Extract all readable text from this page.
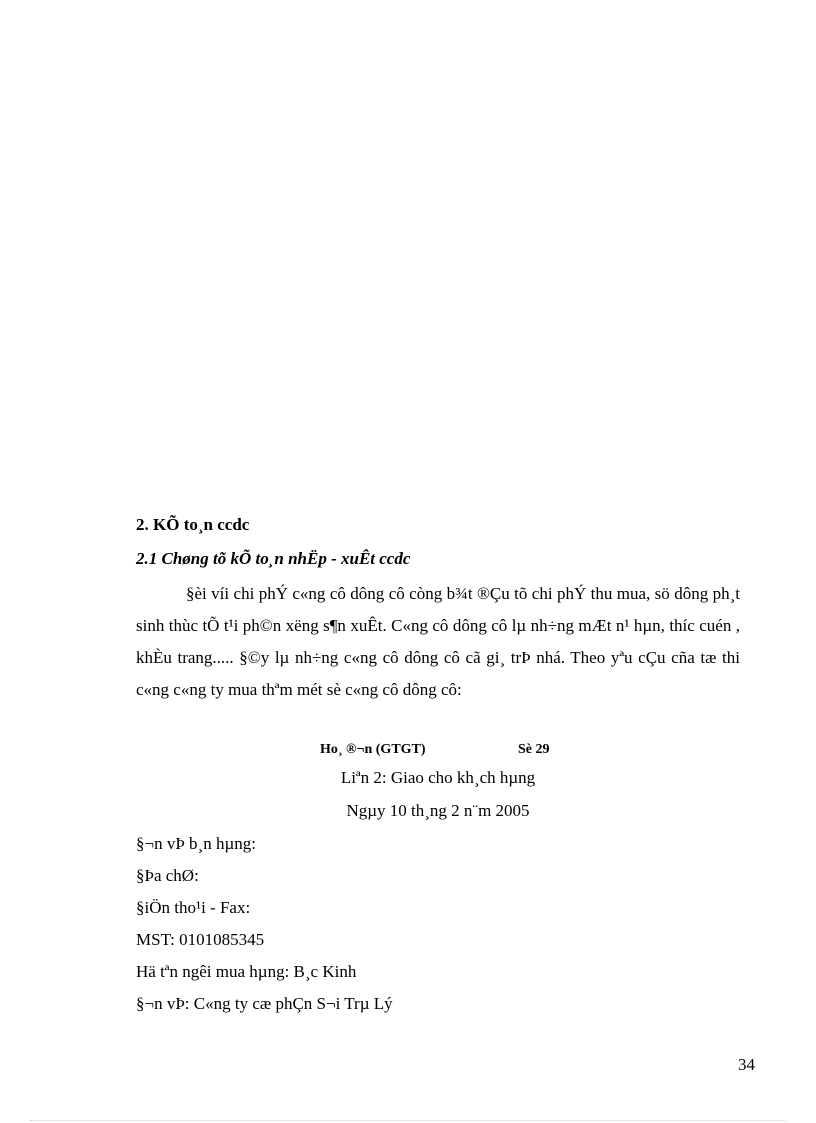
2. KÕ to¸n ccdc
2.1 Chøng tõ kÕ to¸n nhËp - xuÊt ccdc
§èi víi chi phÝ c«ng cô dông cô còng b¾t ®Çu tõ chi phÝ thu mua, sö dông ph¸t sinh thùc tÕ t¹i ph©n xëng s¶n xuÊt. C«ng cô dông cô lµ nh÷ng mÆt n¹ hµn, thíc cuén , khÈu trang..... §©y lµ nh÷ng c«ng cô dông cô cã gi¸ trÞ nhá. Theo yªu cÇu cña tæ thi c«ng c«ng ty mua thªm mét sè c«ng cô dông cô:
Ho¸ ®¬n (GTGT)	Sè 29
Liªn 2: Giao cho kh¸ch hµng
Ngµy 10 th¸ng 2 n¨m 2005
§¬n vÞ b¸n hµng:
§Þa chØ:
§iÖn tho¹i - Fax:
MST: 0101085345
Hä tªn ngêi mua hµng: B¸c Kinh
§¬n vÞ: C«ng ty cæ phÇn S¬i Trµ Lý
34
